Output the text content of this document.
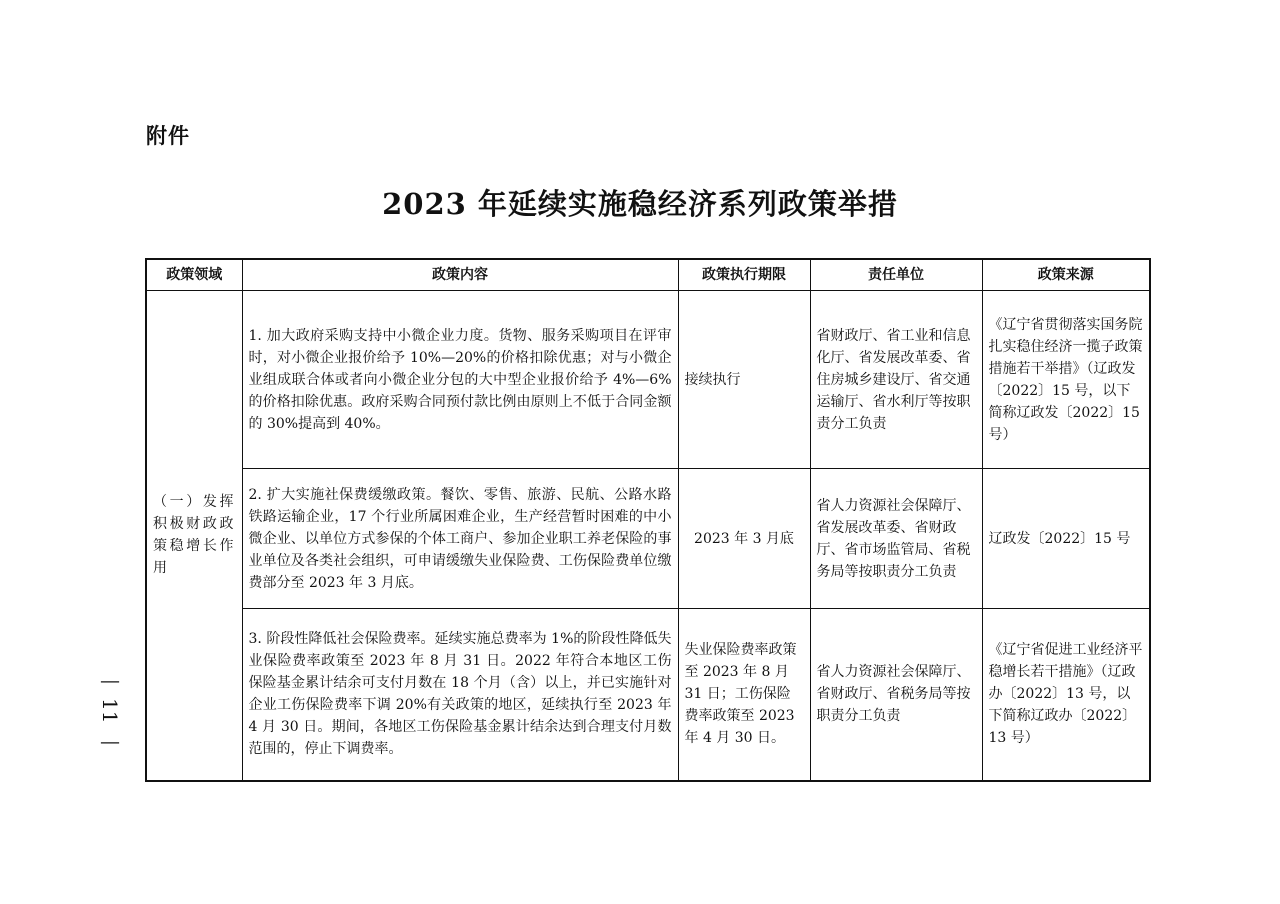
附件
2023 年延续实施稳经济系列政策举措
—
11
—
政策领域	政策内容	政策执行期限	责任单位	政策来源
（一）发挥积极财政政策稳增长作用	1. 加大政府采购支持中小微企业力度。货物、服务采购项目在评审时，对小微企业报价给予 10%—20%的价格扣除优惠；对与小微企业组成联合体或者向小微企业分包的大中型企业报价给予 4%—6%的价格扣除优惠。政府采购合同预付款比例由原则上不低于合同金额的 30%提高到 40%。	接续执行	省财政厅、省工业和信息化厅、省发展改革委、省住房城乡建设厅、省交通运输厅、省水利厅等按职责分工负责	《辽宁省贯彻落实国务院扎实稳住经济一揽子政策措施若干举措》（辽政发〔2022〕15 号，以下简称辽政发〔2022〕15 号）
	2. 扩大实施社保费缓缴政策。餐饮、零售、旅游、民航、公路水路铁路运输企业，17 个行业所属困难企业，生产经营暂时困难的中小微企业、以单位方式参保的个体工商户、参加企业职工养老保险的事业单位及各类社会组织，可申请缓缴失业保险费、工伤保险费单位缴费部分至 2023 年 3 月底。	2023 年 3 月底	省人力资源社会保障厅、省发展改革委、省财政厅、省市场监管局、省税务局等按职责分工负责	辽政发〔2022〕15 号
	3. 阶段性降低社会保险费率。延续实施总费率为 1%的阶段性降低失业保险费率政策至 2023 年 8 月 31 日。2022 年符合本地区工伤保险基金累计结余可支付月数在 18 个月（含）以上，并已实施针对企业工伤保险费率下调 20%有关政策的地区，延续执行至 2023 年 4 月 30 日。期间，各地区工伤保险基金累计结余达到合理支付月数范围的，停止下调费率。	失业保险费率政策至 2023 年 8 月 31 日；工伤保险费率政策至 2023 年 4 月 30 日。	省人力资源社会保障厅、省财政厅、省税务局等按职责分工负责	《辽宁省促进工业经济平稳增长若干措施》（辽政办〔2022〕13 号，以下简称辽政办〔2022〕13 号）
